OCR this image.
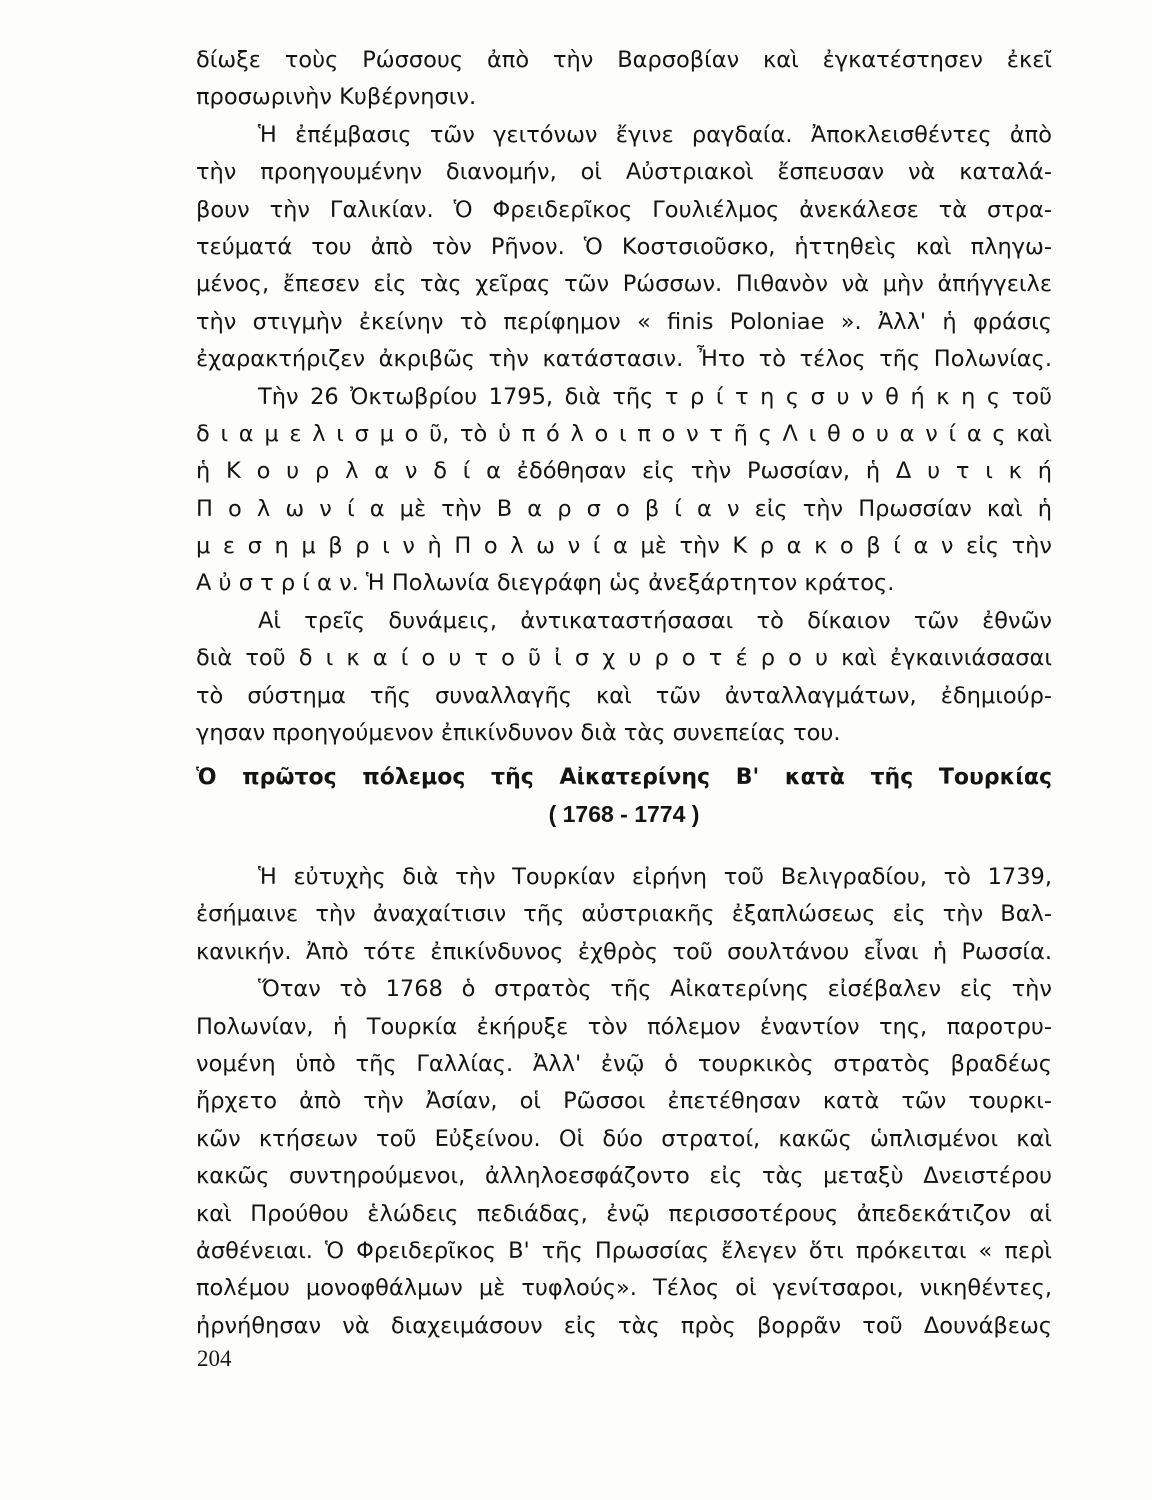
δίωξε τοὺς Ρώσσους ἀπὸ τὴν Βαρσοβίαν καὶ ἐγκατέστησεν ἐκεῖ
προσωρινὴν Κυβέρνησιν.
Ἡ ἐπέμβασις τῶν γειτόνων ἔγινε ραγδαία. Ἀποκλεισθέντες ἀπὸ
τὴν προηγουμένην διανομήν, οἱ Αὐστριακοὶ ἔσπευσαν νὰ καταλά-
βουν τὴν Γαλικίαν. Ὁ Φρειδερῖκος Γουλιέλμος ἀνεκάλεσε τὰ στρα-
τεύματά του ἀπὸ τὸν Ρῆνον. Ὁ Κοστσιοῦσκο, ἡττηθεὶς καὶ πληγω-
μένος, ἔπεσεν εἰς τὰς χεῖρας τῶν Ρώσσων. Πιθανὸν νὰ μὴν ἀπήγγειλε
τὴν στιγμὴν ἐκείνην τὸ περίφημον « finis Poloniae ». Ἀλλ' ἡ φράσις
ἐχαρακτήριζεν ἀκριβῶς τὴν κατάστασιν. Ἦτο τὸ τέλος τῆς Πολωνίας.
Τὴν 26 Ὀκτωβρίου 1795, διὰ τῆς τ ρ ί τ η ς σ υ ν θ ή κ η ς τοῦ
δ ι α μ ε λ ι σ μ ο ῦ, τὸ ὑ π ό λ ο ι π ο ν τ ῆ ς Λ ι θ ο υ α ν ί α ς καὶ
ἡ Κ ο υ ρ λ α ν δ ί α ἐδόθησαν εἰς τὴν Ρωσσίαν, ἡ Δ υ τ ι κ ή
Π ο λ ω ν ί α μὲ τὴν Β α ρ σ ο β ί α ν εἰς τὴν Πρωσσίαν καὶ ἡ
μ ε σ η μ β ρ ι ν ὴ Π ο λ ω ν ί α μὲ τὴν Κ ρ α κ ο β ί α ν εἰς τὴν
Α ὐ σ τ ρ ί α ν. Ἡ Πολωνία διεγράφη ὡς ἀνεξάρτητον κράτος.
Αἱ τρεῖς δυνάμεις, ἀντικαταστήσασαι τὸ δίκαιον τῶν ἐθνῶν
διὰ τοῦ δ ι κ α ί ο υ τ ο ῦ ἰ σ χ υ ρ ο τ έ ρ ο υ καὶ ἐγκαινιάσασαι
τὸ σύστημα τῆς συναλλαγῆς καὶ τῶν ἀνταλλαγμάτων, ἐδημιούρ-
γησαν προηγούμενον ἐπικίνδυνον διὰ τὰς συνεπείας του.
Ὁ πρῶτος πόλεμος τῆς Αἰκατερίνης Β' κατὰ τῆς Τουρκίας
( 1768 - 1774 )
Ἡ εὐτυχὴς διὰ τὴν Τουρκίαν εἰρήνη τοῦ Βελιγραδίου, τὸ 1739,
ἐσήμαινε τὴν ἀναχαίτισιν τῆς αὐστριακῆς ἐξαπλώσεως εἰς τὴν Βαλ-
κανικήν. Ἀπὸ τότε ἐπικίνδυνος ἐχθρὸς τοῦ σουλτάνου εἶναι ἡ Ρωσσία.
Ὅταν τὸ 1768 ὁ στρατὸς τῆς Αἰκατερίνης εἰσέβαλεν εἰς τὴν
Πολωνίαν, ἡ Τουρκία ἐκήρυξε τὸν πόλεμον ἐναντίον της, παροτρυ-
νομένη ὑπὸ τῆς Γαλλίας. Ἀλλ' ἐνῷ ὁ τουρκικὸς στρατὸς βραδέως
ἤρχετο ἀπὸ τὴν Ἀσίαν, οἱ Ρῶσσοι ἐπετέθησαν κατὰ τῶν τουρκι-
κῶν κτήσεων τοῦ Εὐξείνου. Οἱ δύο στρατοί, κακῶς ὡπλισμένοι καὶ
κακῶς συντηρούμενοι, ἀλληλοεσφάζοντο εἰς τὰς μεταξὺ Δνειστέρου
καὶ Προύθου ἑλώδεις πεδιάδας, ἐνῷ περισσοτέρους ἀπεδεκάτιζον αἱ
ἀσθένειαι. Ὁ Φρειδερῖκος Β' τῆς Πρωσσίας ἔλεγεν ὅτι πρόκειται « περὶ
πολέμου μονοφθάλμων μὲ τυφλούς». Τέλος οἱ γενίτσαροι, νικηθέντες,
ἠρνήθησαν νὰ διαχειμάσουν εἰς τὰς πρὸς βορρᾶν τοῦ Δουνάβεως
204
